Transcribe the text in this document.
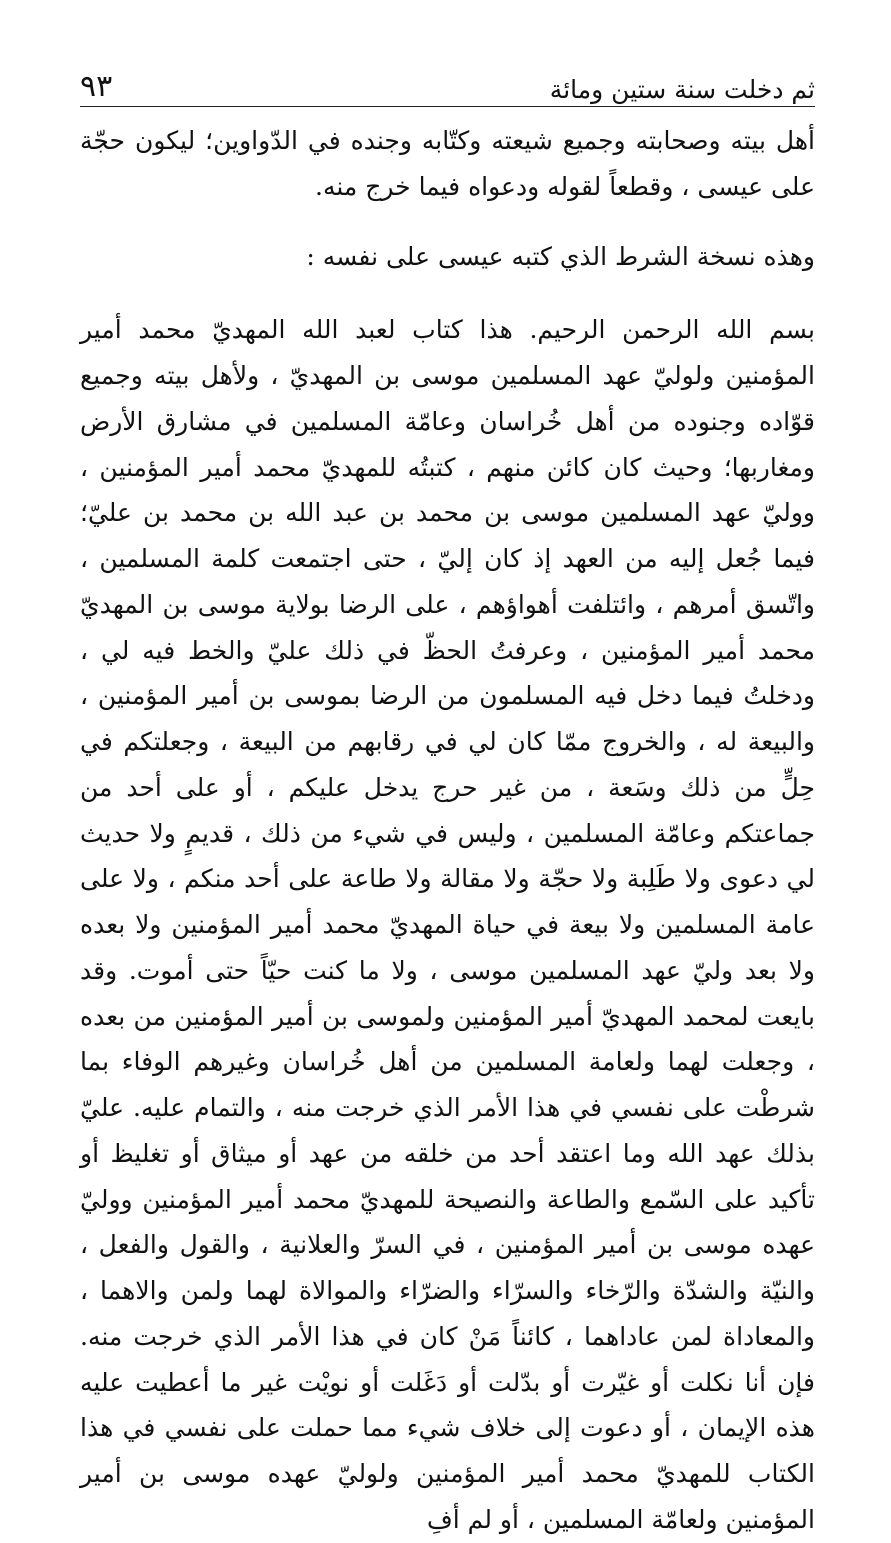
ثم دخلت سنة ستين ومائة
٩٣

أهل بيته وصحابته وجميع شيعته وكتّابه وجنده في الدّواوين؛ ليكون حجّة على عيسى ، وقطعاً لقوله ودعواه فيما خرج منه.

وهذه نسخة الشرط الذي كتبه عيسى على نفسه :

بسم الله الرحمن الرحيم. هذا كتاب لعبد الله المهديّ محمد أمير المؤمنين ولوليّ عهد المسلمين موسى بن المهديّ ، ولأهل بيته وجميع قوّاده وجنوده من أهل خُراسان وعامّة المسلمين في مشارق الأرض ومغاربها؛ وحيث كان كائن منهم ، كتبتُه للمهديّ محمد أمير المؤمنين ، ووليّ عهد المسلمين موسى بن محمد بن عبد الله بن محمد بن عليّ؛ فيما جُعل إليه من العهد إذ كان إليّ ، حتى اجتمعت كلمة المسلمين ، واتّسق أمرهم ، وائتلفت أهواؤهم ، على الرضا بولاية موسى بن المهديّ محمد أمير المؤمنين ، وعرفتُ الحظّ في ذلك عليّ والخط فيه لي ، ودخلتُ فيما دخل فيه المسلمون من الرضا بموسى بن أمير المؤمنين ، والبيعة له ، والخروج ممّا كان لي في رقابهم من البيعة ، وجعلتكم في حِلٍّ من ذلك وسَعة ، من غير حرج يدخل عليكم ، أو على أحد من جماعتكم وعامّة المسلمين ، وليس في شيء من ذلك ، قديمٍ ولا حديث لي دعوى ولا طَلِبة ولا حجّة ولا مقالة ولا طاعة على أحد منكم ، ولا على عامة المسلمين ولا بيعة في حياة المهديّ محمد أمير المؤمنين ولا بعده ولا بعد وليّ عهد المسلمين موسى ، ولا ما كنت حيّاً حتى أموت. وقد بايعت لمحمد المهديّ أمير المؤمنين ولموسى بن أمير المؤمنين من بعده ، وجعلت لهما ولعامة المسلمين من أهل خُراسان وغيرهم الوفاء بما شرطْت على نفسي في هذا الأمر الذي خرجت منه ، والتمام عليه. عليّ بذلك عهد الله وما اعتقد أحد من خلقه من عهد أو ميثاق أو تغليظ أو تأكيد على السّمع والطاعة والنصيحة للمهديّ محمد أمير المؤمنين ووليّ عهده موسى بن أمير المؤمنين ، في السرّ والعلانية ، والقول والفعل ، والنيّة والشدّة والرّخاء والسرّاء والضرّاء والموالاة لهما ولمن والاهما ، والمعاداة لمن عاداهما ، كائناً مَنْ كان في هذا الأمر الذي خرجت منه. فإن أنا نكلت أو غيّرت أو بدّلت أو دَغَلت أو نويْت غير ما أعطيت عليه هذه الإيمان ، أو دعوت إلى خلاف شيء مما حملت على نفسي في هذا الكتاب للمهديّ محمد أمير المؤمنين ولوليّ عهده موسى بن أمير المؤمنين ولعامّة المسلمين ، أو لم أفِ
